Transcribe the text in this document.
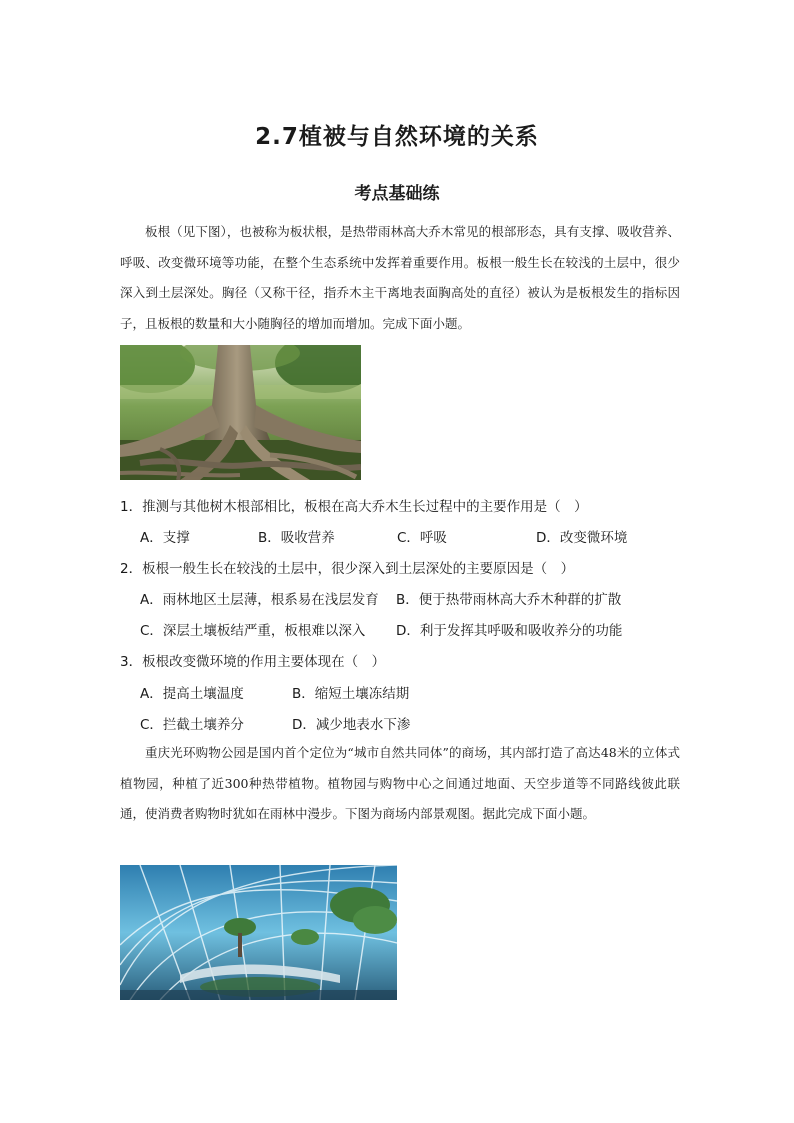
2.7植被与自然环境的关系
考点基础练

板根（见下图），也被称为板状根，是热带雨林高大乔木常见的根部形态，具有支撑、吸收营养、呼吸、改变微环境等功能，在整个生态系统中发挥着重要作用。板根一般生长在较浅的土层中，很少深入到土层深处。胸径（又称干径，指乔木主干离地表面胸高处的直径）被认为是板根发生的指标因子，且板根的数量和大小随胸径的增加而增加。完成下面小题。

1．推测与其他树木根部相比，板根在高大乔木生长过程中的主要作用是（　）
A．支撑	B．吸收营养	C．呼吸	D．改变微环境
2．板根一般生长在较浅的土层中，很少深入到土层深处的主要原因是（　）
A．雨林地区土层薄，根系易在浅层发育 B．便于热带雨林高大乔木种群的扩散
C．深层土壤板结严重，板根难以深入 D．利于发挥其呼吸和吸收养分的功能
3．板根改变微环境的作用主要体现在（　）
A．提高土壤温度	B．缩短土壤冻结期
C．拦截土壤养分	D．减少地表水下渗

重庆光环购物公园是国内首个定位为“城市自然共同体”的商场，其内部打造了高达48米的立体式植物园，种植了近300种热带植物。植物园与购物中心之间通过地面、天空步道等不同路线彼此联通，使消费者购物时犹如在雨林中漫步。下图为商场内部景观图。据此完成下面小题。
